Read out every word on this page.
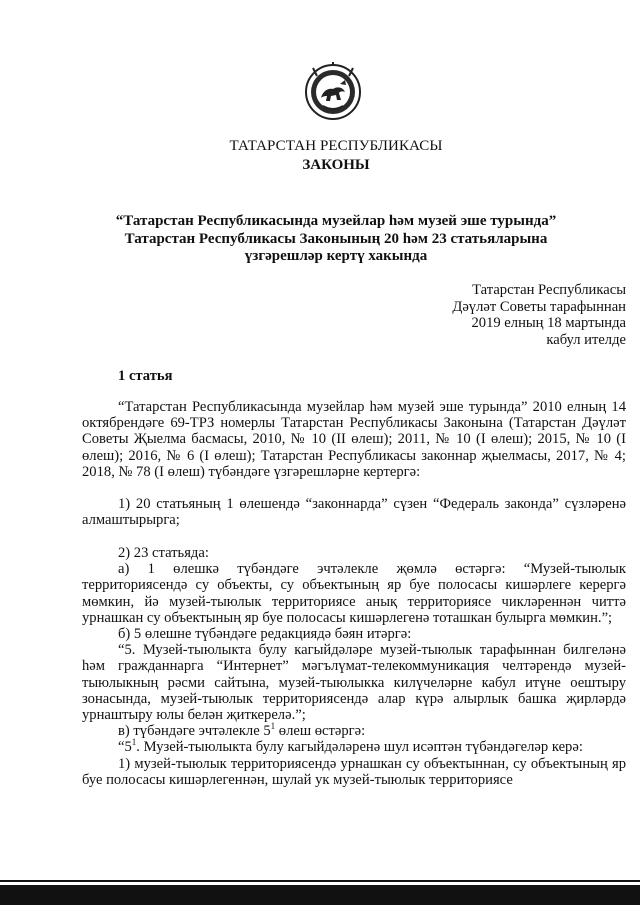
ТАТАРСТАН РЕСПУБЛИКАСЫ
ЗАКОНЫ
“Татарстан Республикасында музейлар һәм музей эше турында”
Татарстан Республикасы Законының 20 һәм 23 статьяларына
үзгәрешләр кертү хакында
Татарстан Республикасы
Дәүләт Советы тарафыннан
2019 елның 18 мартында
кабул ителде
1 статья

“Татарстан Республикасында музейлар һәм музей эше турында” 2010 елның 14 октябрендәге 69-ТРЗ номерлы Татарстан Республикасы Законына (Татарстан Дәүләт Советы Җыелма басмасы, 2010, № 10 (II өлеш); 2011, № 10 (I өлеш); 2015, № 10 (I өлеш); 2016, № 6 (I өлеш); Татарстан Республикасы законнар җыелмасы, 2017, № 4; 2018, № 78 (I өлеш) түбәндәге үзгәрешләрне кертергә:

1) 20 статьяның 1 өлешендә “законнарда” сүзен “Федераль законда” сүзләренә алмаштырырга;

2) 23 статьяда:

а) 1 өлешкә түбәндәге эчтәлекле җөмлә өстәргә: “Музей-тыюлык территориясендә су объекты, су объектының яр буе полосасы кишәрлеге керергә мөмкин, йә музей-тыюлык территориясе анық территориясе чикләреннән читтә урнашкан су объектының яр буе полосасы кишәрлегенә тоташкан булырга мөмкин.”;

б) 5 өлешне түбәндәге редакциядә бәян итәргә:

“5. Музей-тыюлыкта булу кагыйдәләре музей-тыюлык тарафыннан билгеләнә һәм гражданнарга “Интернет” мәгълүмат-телекоммуникация челтәрендә музей-тыюлыкның рәсми сайтына, музей-тыюлыкка килүчеләрне кабул итүне оештыру зонасында, музей-тыюлык территориясендә алар күрә алырлык башка җирләрдә урнаштыру юлы белән җиткерелә.”;

в) түбәндәге эчтәлекле $5^1$ өлеш өстәргә:

“$5^1$. Музей-тыюлыкта булу кагыйдәләренә шул исәптән түбәндәгеләр керә:

1) музей-тыюлык территориясендә урнашкан су объектыннан, су объектының яр буе полосасы кишәрлегеннән, шулай ук музей-тыюлык территориясе
